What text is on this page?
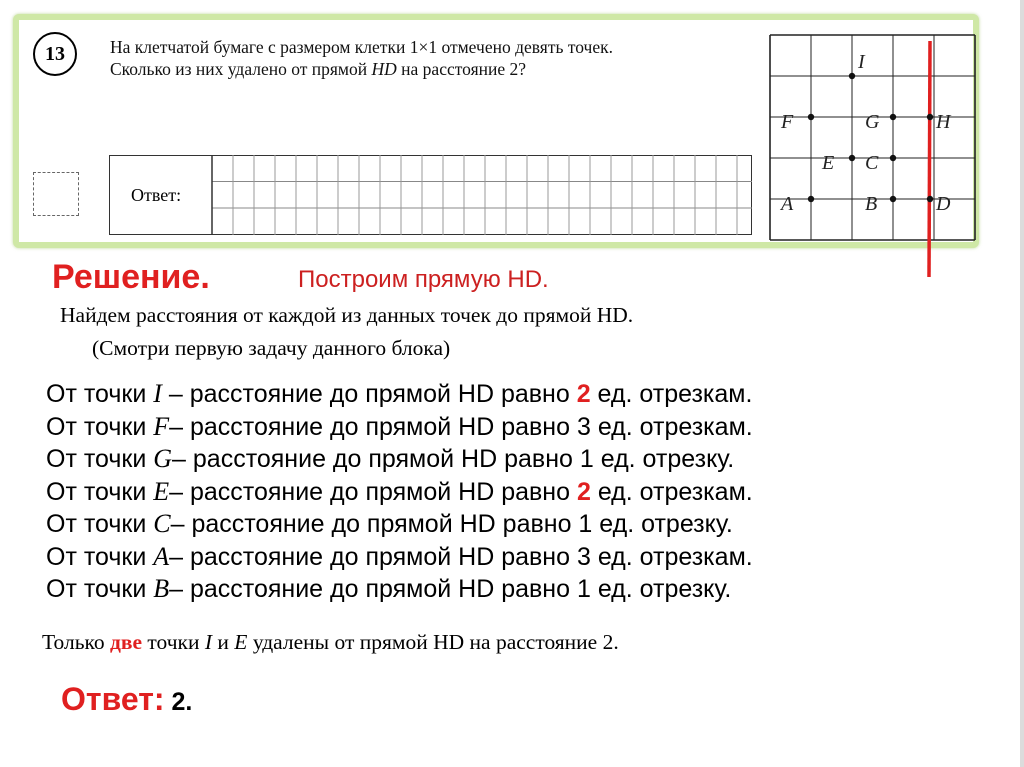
13	На клетчатой бумаге с размером клетки 1×1 отмечено девять точек.
Сколько из них удалено от прямой HD на расстояние 2?
Ответ:
I
F	G	H
E C
A	B	D
Решение.	Построим прямую HD.
Найдем расстояния от каждой из данных точек до прямой HD.
(Смотри первую задачу данного блока)
От точки I – расстояние до прямой HD равно 2 ед. отрезкам.
От точки F– расстояние до прямой HD равно 3 ед. отрезкам.
От точки G– расстояние до прямой HD равно 1 ед. отрезку.
От точки E– расстояние до прямой HD равно 2 ед. отрезкам.
От точки C– расстояние до прямой HD равно 1 ед. отрезку.
От точки A– расстояние до прямой HD равно 3 ед. отрезкам.
От точки B– расстояние до прямой HD равно 1 ед. отрезку.
Только две точки I и E удалены от прямой HD на расстояние 2.
Ответ: 2.
